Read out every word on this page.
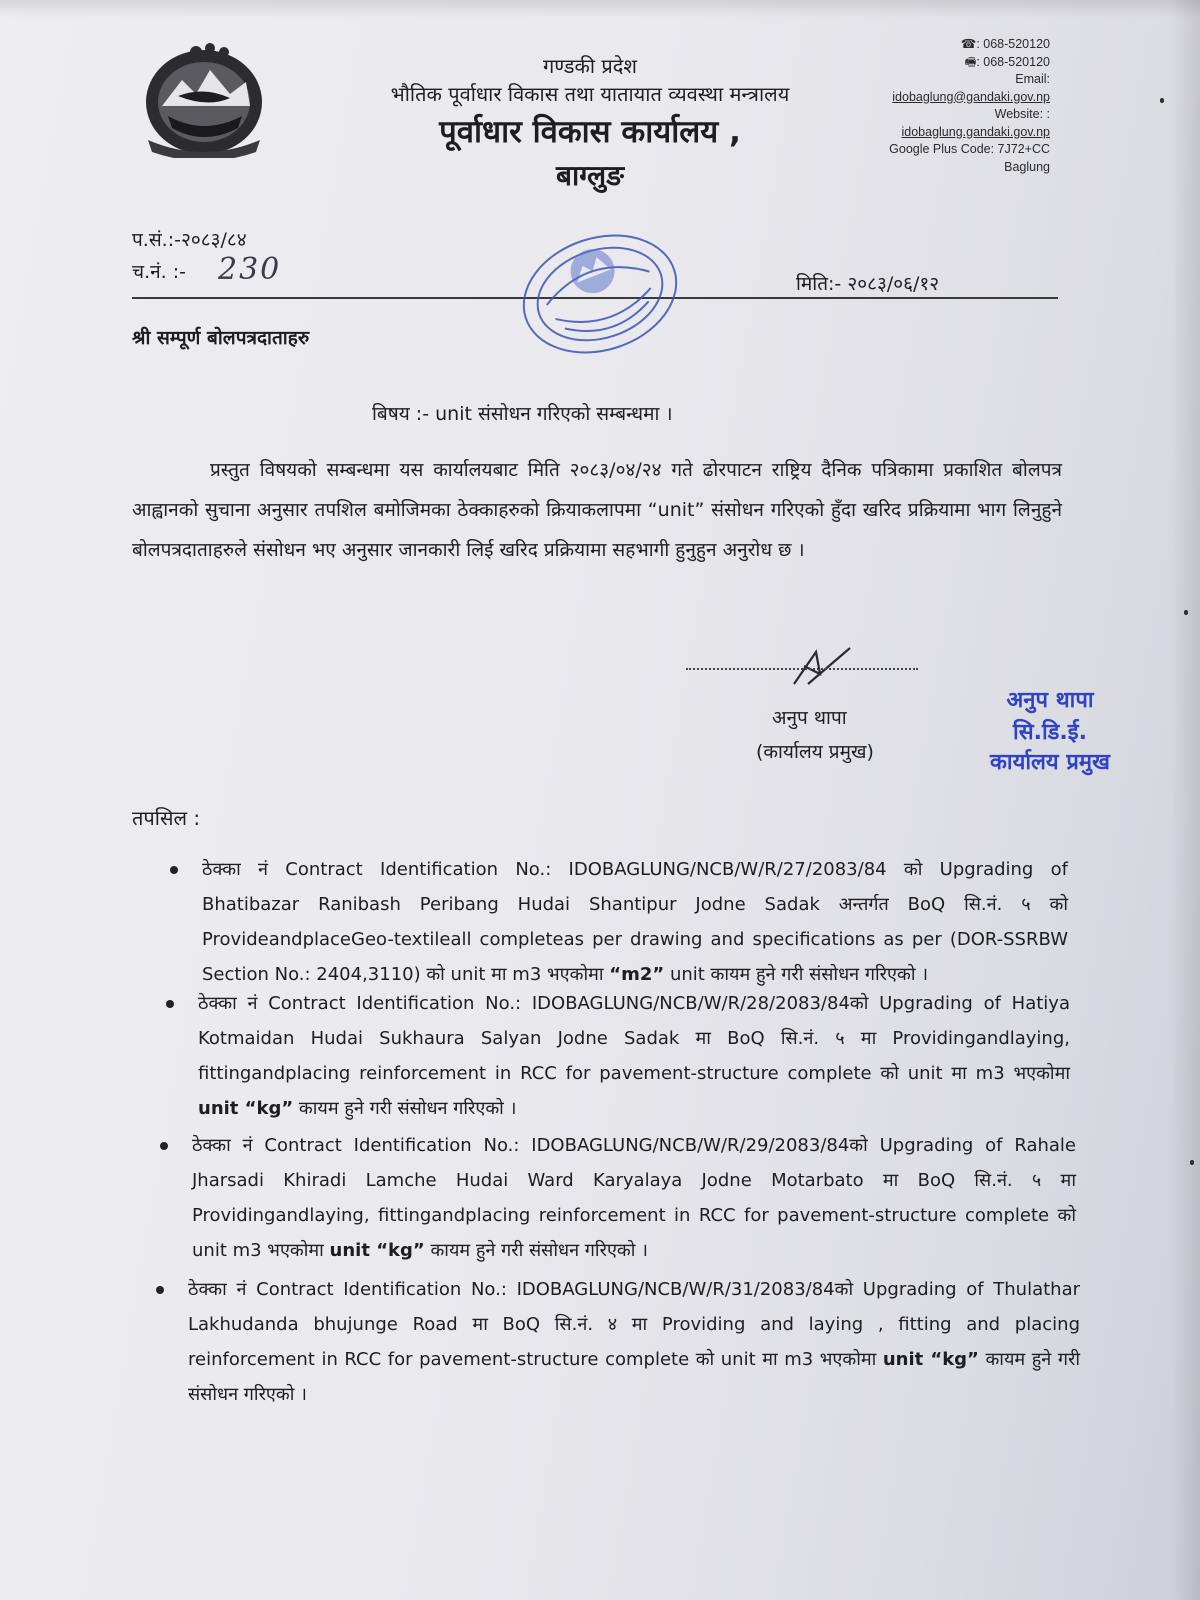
गण्डकी प्रदेश
भौतिक पूर्वाधार विकास तथा यातायात व्यवस्था मन्त्रालय
पूर्वाधार विकास कार्यालय ,
बाग्लुङ
☎: 068-520120
🖷: 068-520120
Email:
idobaglung@gandaki.gov.np
Website: :
idobaglung.gandaki.gov.np
Google Plus Code: 7J72+CC
Baglung
प.सं.:-२०८३/८४
च.नं. :- 230	मिति:- २०८३/०६/१२
श्री सम्पूर्ण बोलपत्रदाताहरु
बिषय :- unit संसोधन गरिएको सम्बन्धमा ।
प्रस्तुत विषयको सम्बन्धमा यस कार्यालयबाट मिति २०८३/०४/२४ गते ढोरपाटन राष्ट्रिय दैनिक पत्रिकामा प्रकाशित बोलपत्र आह्वानको सुचाना अनुसार तपशिल बमोजिमका ठेक्काहरुको क्रियाकलापमा “unit” संसोधन गरिएको हुँदा खरिद प्रक्रियामा भाग लिनुहुने बोलपत्रदाताहरुले संसोधन भए अनुसार जानकारी लिई खरिद प्रक्रियामा सहभागी हुनुहुन अनुरोध छ ।
अनुप थापा
(कार्यालय प्रमुख)
अनुप थापा
सि.डि.ई.
कार्यालय प्रमुख
तपसिल :
ठेक्का नं Contract Identification No.: IDOBAGLUNG/NCB/W/R/27/2083/84 को Upgrading of Bhatibazar Ranibash Peribang Hudai Shantipur Jodne Sadak अन्तर्गत BoQ सि.नं. ५ को ProvideandplaceGeo-textileall completeas per drawing and specifications as per (DOR-SSRBW Section No.: 2404,3110) को unit मा m3 भएकोमा “m2” unit कायम हुने गरी संसोधन गरिएको ।
ठेक्का नं Contract Identification No.: IDOBAGLUNG/NCB/W/R/28/2083/84को Upgrading of Hatiya Kotmaidan Hudai Sukhaura Salyan Jodne Sadak मा BoQ सि.नं. ५ मा Providingandlaying, fittingandplacing reinforcement in RCC for pavement-structure complete को unit मा m3 भएकोमा unit “kg” कायम हुने गरी संसोधन गरिएको ।
ठेक्का नं Contract Identification No.: IDOBAGLUNG/NCB/W/R/29/2083/84को Upgrading of Rahale Jharsadi Khiradi Lamche Hudai Ward Karyalaya Jodne Motarbato मा BoQ सि.नं. ५ मा Providingandlaying, fittingandplacing reinforcement in RCC for pavement-structure complete को unit m3 भएकोमा unit “kg” कायम हुने गरी संसोधन गरिएको ।
ठेक्का नं Contract Identification No.: IDOBAGLUNG/NCB/W/R/31/2083/84को Upgrading of Thulathar Lakhudanda bhujunge Road मा BoQ सि.नं. ४ मा Providing and laying , fitting and placing reinforcement in RCC for pavement-structure complete को unit मा m3 भएकोमा unit “kg” कायम हुने गरी संसोधन गरिएको ।
